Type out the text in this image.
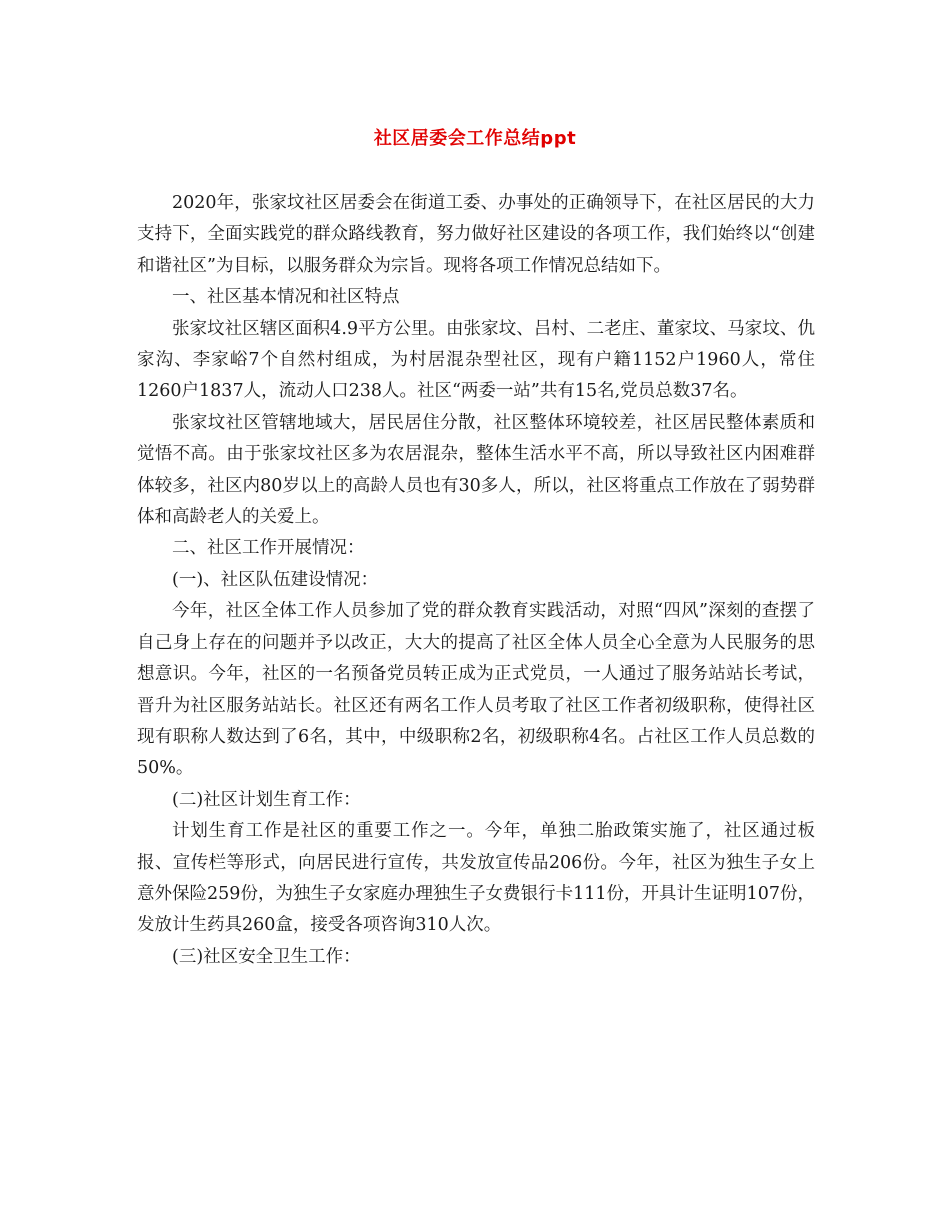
社区居委会工作总结ppt

2020年，张家坟社区居委会在街道工委、办事处的正确领导下，在社区居民的大力支持下，全面实践党的群众路线教育，努力做好社区建设的各项工作，我们始终以“创建和谐社区”为目标，以服务群众为宗旨。现将各项工作情况总结如下。

一、社区基本情况和社区特点

张家坟社区辖区面积4.9平方公里。由张家坟、吕村、二老庄、董家坟、马家坟、仇家沟、李家峪7个自然村组成，为村居混杂型社区，现有户籍1152户1960人，常住1260户1837人，流动人口238人。社区“两委一站”共有15名,党员总数37名。

张家坟社区管辖地域大，居民居住分散，社区整体环境较差，社区居民整体素质和觉悟不高。由于张家坟社区多为农居混杂，整体生活水平不高，所以导致社区内困难群体较多，社区内80岁以上的高龄人员也有30多人，所以，社区将重点工作放在了弱势群体和高龄老人的关爱上。

二、社区工作开展情况：

(一)、社区队伍建设情况：

今年，社区全体工作人员参加了党的群众教育实践活动，对照“四风”深刻的查摆了自己身上存在的问题并予以改正，大大的提高了社区全体人员全心全意为人民服务的思想意识。今年，社区的一名预备党员转正成为正式党员，一人通过了服务站站长考试，晋升为社区服务站站长。社区还有两名工作人员考取了社区工作者初级职称，使得社区现有职称人数达到了6名，其中，中级职称2名，初级职称4名。占社区工作人员总数的50%。

(二)社区计划生育工作：

计划生育工作是社区的重要工作之一。今年，单独二胎政策实施了，社区通过板报、宣传栏等形式，向居民进行宣传，共发放宣传品206份。今年，社区为独生子女上意外保险259份，为独生子女家庭办理独生子女费银行卡111份，开具计生证明107份，发放计生药具260盒，接受各项咨询310人次。

(三)社区安全卫生工作：
